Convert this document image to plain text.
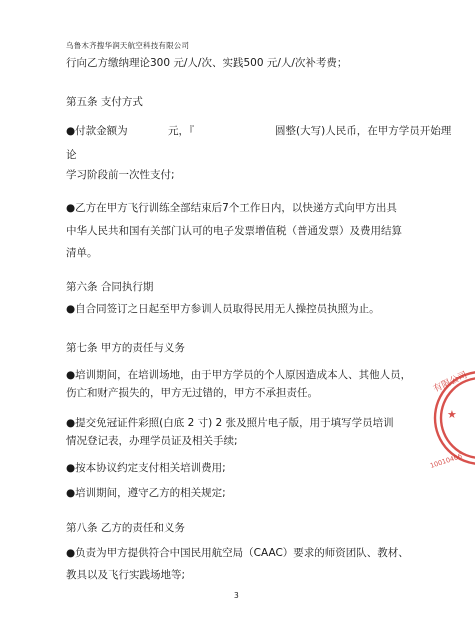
乌鲁木齐搜华润天航空科技有限公司
行向乙方缴纳理论300 元/人/次、实践500 元/人/次补考费；
第五条 支付方式
●付款金额为	元，『	圆整(大写)人民币，在甲方学员开始理
论
学习阶段前一次性支付;
●乙方在甲方飞行训练全部结束后7个工作日内，以快递方式向甲方出具
中华人民共和国有关部门认可的电子发票增值税（普通发票）及费用结算
清单。
第六条 合同执行期
●自合同签订之日起至甲方参训人员取得民用无人操控员执照为止。
第七条 甲方的责任与义务
●培训期间，在培训场地，由于甲方学员的个人原因造成本人、其他人员，
伤亡和财产损失的，甲方无过错的，甲方不承担责任。
●提交免冠证件彩照(白底 2 寸) 2 张及照片电子版，用于填写学员培训
情况登记表，办理学员证及相关手续;
●按本协议约定支付相关培训费用;
●培训期间，遵守乙方的相关规定;
第八条 乙方的责任和义务
●负责为甲方提供符合中国民用航空局（CAAC）要求的师资团队、教材、
教具以及飞行实践场地等;
3
有限公司
★
10010406
